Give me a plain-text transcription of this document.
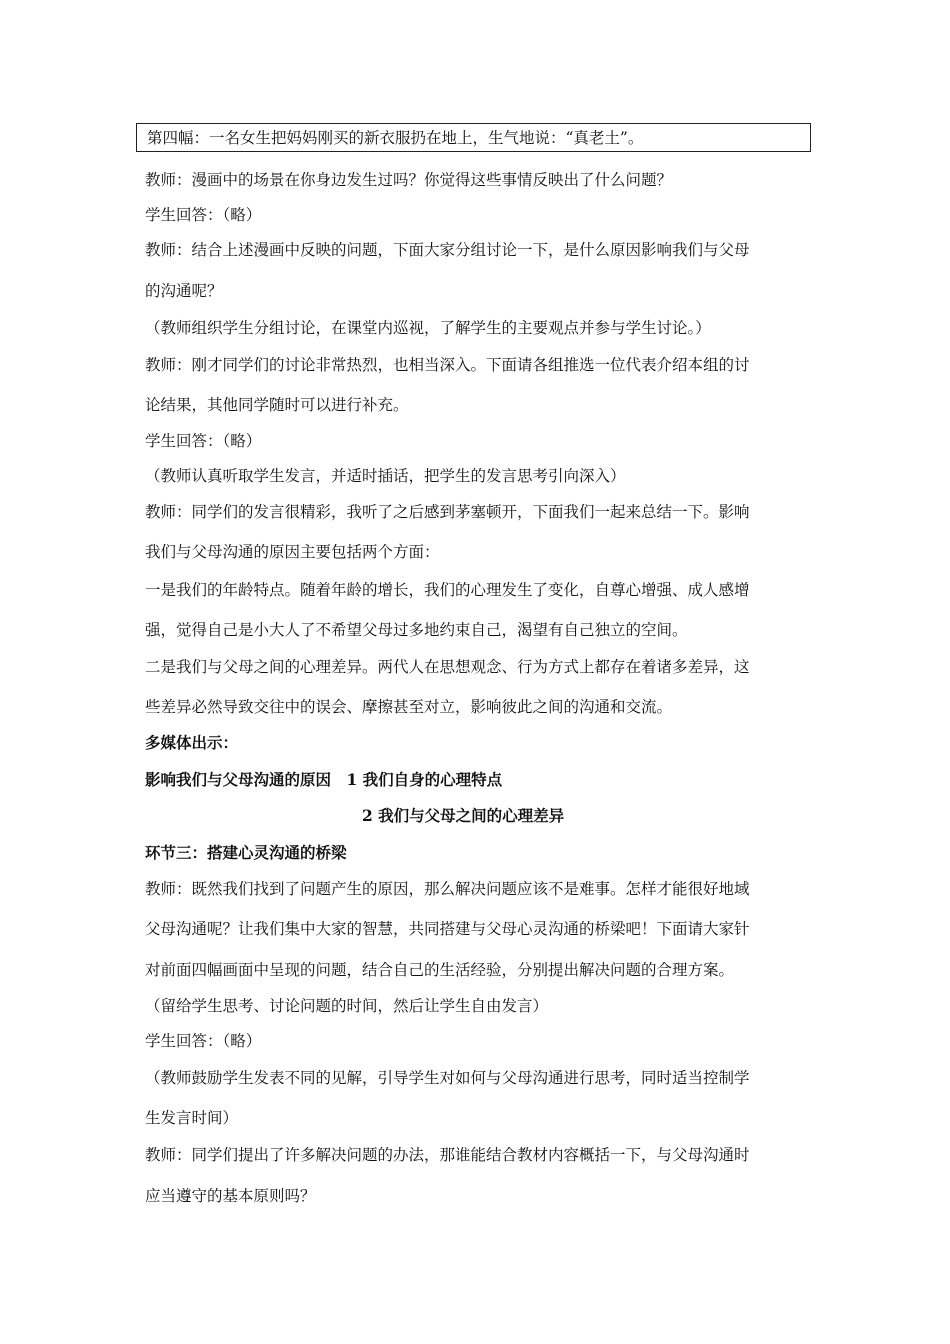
第四幅：一名女生把妈妈刚买的新衣服扔在地上，生气地说：“真老土”。
教师：漫画中的场景在你身边发生过吗？你觉得这些事情反映出了什么问题？
学生回答：（略）
教师：结合上述漫画中反映的问题，下面大家分组讨论一下，是什么原因影响我们与父母
的沟通呢？
（教师组织学生分组讨论，在课堂内巡视，了解学生的主要观点并参与学生讨论。）
教师：刚才同学们的讨论非常热烈，也相当深入。下面请各组推选一位代表介绍本组的讨
论结果，其他同学随时可以进行补充。
学生回答：（略）
（教师认真听取学生发言，并适时插话，把学生的发言思考引向深入）
教师：同学们的发言很精彩，我听了之后感到茅塞顿开，下面我们一起来总结一下。影响
我们与父母沟通的原因主要包括两个方面：
一是我们的年龄特点。随着年龄的增长，我们的心理发生了变化，自尊心增强、成人感增
强，觉得自己是小大人了不希望父母过多地约束自己，渴望有自己独立的空间。
二是我们与父母之间的心理差异。两代人在思想观念、行为方式上都存在着诸多差异，这
些差异必然导致交往中的误会、摩擦甚至对立，影响彼此之间的沟通和交流。
多媒体出示：
影响我们与父母沟通的原因　1 我们自身的心理特点
2 我们与父母之间的心理差异
环节三：搭建心灵沟通的桥梁
教师：既然我们找到了问题产生的原因，那么解决问题应该不是难事。怎样才能很好地域
父母沟通呢？让我们集中大家的智慧，共同搭建与父母心灵沟通的桥梁吧！下面请大家针
对前面四幅画面中呈现的问题，结合自己的生活经验，分别提出解决问题的合理方案。
（留给学生思考、讨论问题的时间，然后让学生自由发言）
学生回答：（略）
（教师鼓励学生发表不同的见解，引导学生对如何与父母沟通进行思考，同时适当控制学
生发言时间）
教师：同学们提出了许多解决问题的办法，那谁能结合教材内容概括一下，与父母沟通时
应当遵守的基本原则吗？
